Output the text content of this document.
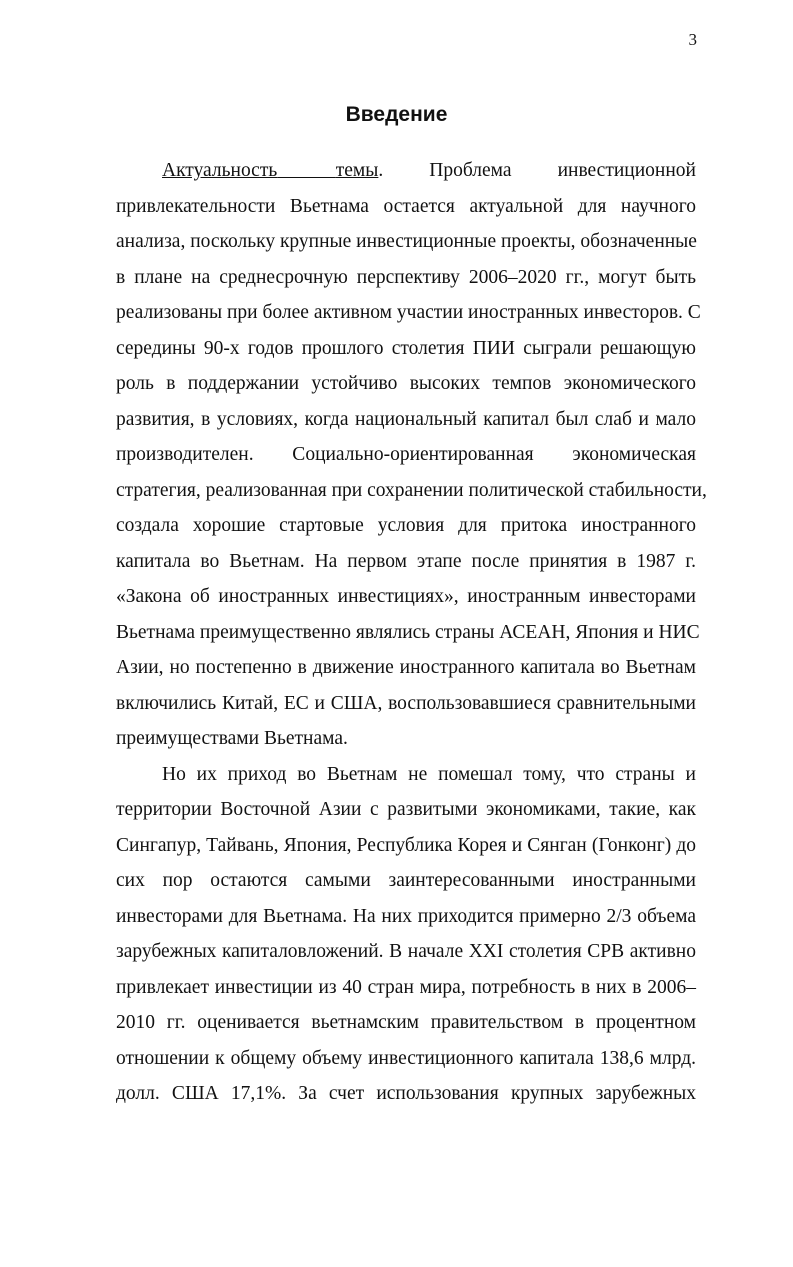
3
Введение
Актуальность	темы. Проблема инвестиционной
привлекательности Вьетнама остается актуальной для научного
анализа, поскольку крупные инвестиционные проекты, обозначенные
в плане на среднесрочную перспективу 2006–2020 гг., могут быть
реализованы при более активном участии иностранных инвесторов. С
середины 90-х годов прошлого столетия ПИИ сыграли решающую
роль в поддержании устойчиво высоких темпов экономического
развития, в условиях, когда национальный капитал был слаб и мало
производителен. Социально-ориентированная экономическая
стратегия, реализованная при сохранении политической стабильности,
создала хорошие стартовые условия для притока иностранного
капитала во Вьетнам. На первом этапе после принятия в 1987 г.
«Закона об иностранных инвестициях», иностранным инвесторами
Вьетнама преимущественно являлись страны АСЕАН, Япония и НИС
Азии, но постепенно в движение иностранного капитала во Вьетнам
включились Китай, ЕС и США, воспользовавшиеся сравнительными
преимуществами Вьетнама.
Но их приход во Вьетнам не помешал тому, что страны и
территории Восточной Азии с развитыми экономиками, такие, как
Сингапур, Тайвань, Япония, Республика Корея и Сянган (Гонконг) до
сих пор остаются самыми заинтересованными иностранными
инвесторами для Вьетнама. На них приходится примерно 2/3 объема
зарубежных капиталовложений. В начале XXI столетия СРВ активно
привлекает инвестиции из 40 стран мира, потребность в них в 2006–
2010 гг. оценивается вьетнамским правительством в процентном
отношении к общему объему инвестиционного капитала 138,6 млрд.
долл. США 17,1%. За счет использования крупных зарубежных
